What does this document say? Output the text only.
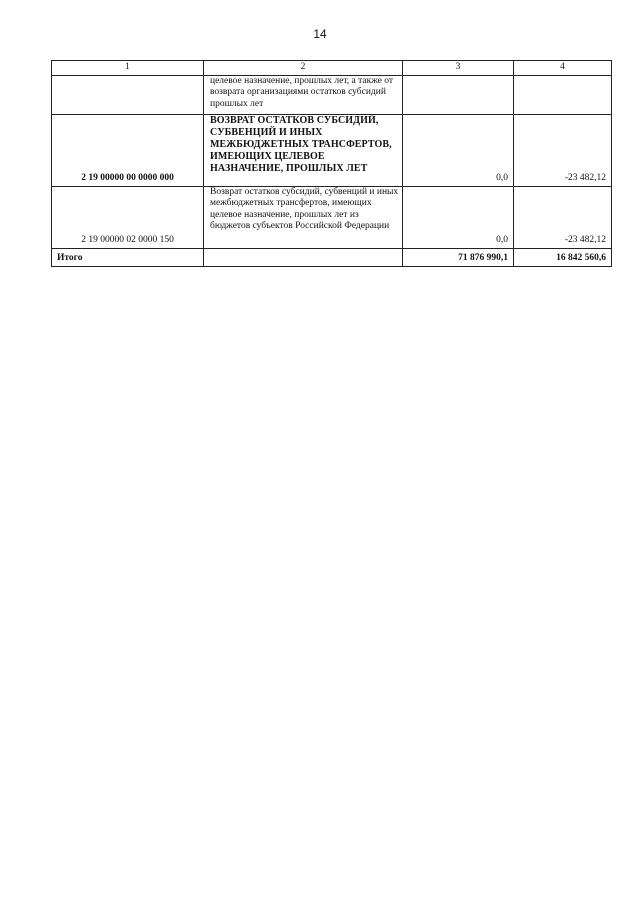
14
1	2	3	4
	целевое назначение, прошлых лет, а также от возврата организациями остатков субсидий прошлых лет		
2 19 00000 00 0000 000	ВОЗВРАТ ОСТАТКОВ СУБСИДИЙ, СУБВЕНЦИЙ И ИНЫХ МЕЖБЮДЖЕТНЫХ ТРАНСФЕРТОВ, ИМЕЮЩИХ ЦЕЛЕВОЕ НАЗНАЧЕНИЕ, ПРОШЛЫХ ЛЕТ	0,0	-23 482,12
2 19 00000 02 0000 150	Возврат остатков субсидий, субвенций и иных межбюджетных трансфертов, имеющих целевое назначение, прошлых лет из бюджетов субъектов Российской Федерации	0,0	-23 482,12
Итого		71 876 990,1	16 842 560,6
